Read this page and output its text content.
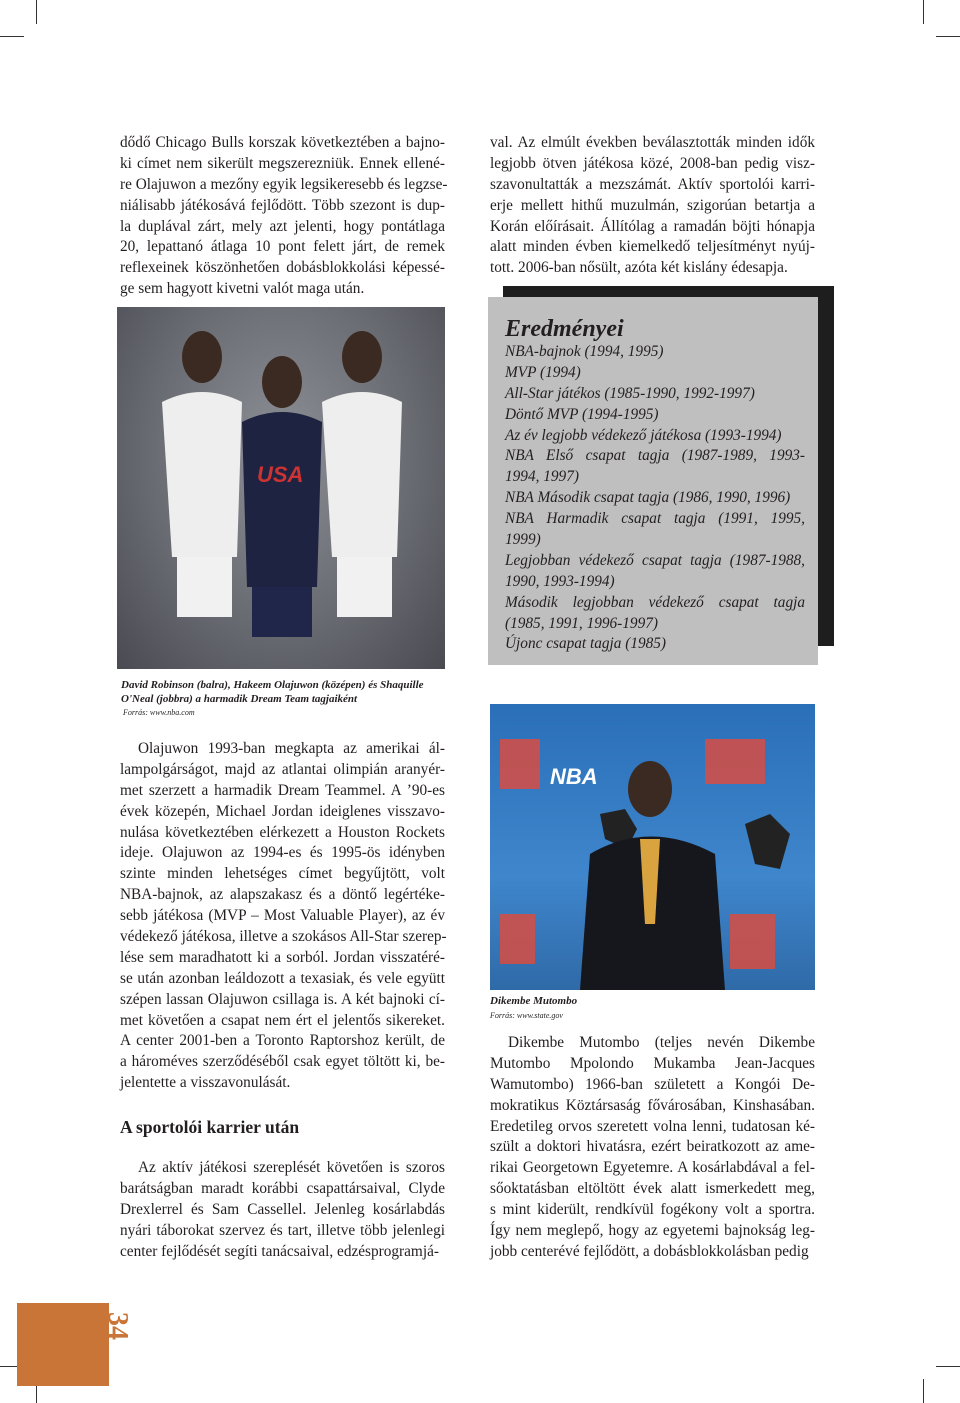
dődő Chicago Bulls korszak következtében a bajno-
ki címet nem sikerült megszerezniük. Ennek ellené-
re Olajuwon a mezőny egyik legsikeresebb és legzse-
niálisabb játékosává fejlődött. Több szezont is dup-
la duplával zárt, mely azt jelenti, hogy pontátlaga
20, lepattanó átlaga 10 pont felett járt, de remek
reflexeinek köszönhetően dobásblokkolási képessé-
ge sem hagyott kivetni valót maga után.
USA
David Robinson (balra), Hakeem Olajuwon (középen) és Shaquille O'Neal (jobbra) a harmadik Dream Team tagjaiként
Forrás: www.nba.com
Olajuwon 1993-ban megkapta az amerikai ál-
lampolgárságot, majd az atlantai olimpián aranyér-
met szerzett a harmadik Dream Teammel. A ’90-es
évek közepén, Michael Jordan ideiglenes visszavo-
nulása következtében elérkezett a Houston Rockets
ideje. Olajuwon az 1994-es és 1995-ös idényben
szinte minden lehetséges címet begyűjtött, volt
NBA-bajnok, az alapszakasz és a döntő legértéke-
sebb játékosa (MVP – Most Valuable Player), az év
védekező játékosa, illetve a szokásos All-Star szerep-
lése sem maradhatott ki a sorból. Jordan visszatéré-
se után azonban leáldozott a texasiak, és vele együtt
szépen lassan Olajuwon csillaga is. A két bajnoki cí-
met követően a csapat nem ért el jelentős sikereket.
A center 2001-ben a Toronto Raptorshoz került, de
a hároméves szerződéséből csak egyet töltött ki, be-
jelentette a visszavonulását.
A sportolói karrier után
Az aktív játékosi szereplését követően is szoros
barátságban maradt korábbi csapattársaival, Clyde
Drexlerrel és Sam Cassellel. Jelenleg kosárlabdás
nyári táborokat szervez és tart, illetve több jelenlegi
center fejlődését segíti tanácsaival, edzésprogramjá-
val. Az elmúlt években beválasztották minden idők
legjobb ötven játékosa közé, 2008-ban pedig visz-
szavonultatták a mezszámát. Aktív sportolói karri-
erje mellett hithű muzulmán, szigorúan betartja a
Korán előírásait. Állítólag a ramadán böjti hónapja
alatt minden évben kiemelkedő teljesítményt nyúj-
tott. 2006-ban nősült, azóta két kislány édesapja.
Eredményei
NBA-bajnok (1994, 1995)
MVP (1994)
All-Star játékos (1985-1990, 1992-1997)
Döntő MVP (1994-1995)
Az év legjobb védekező játékosa (1993-1994)
NBA Első csapat tagja (1987-1989, 1993-
1994, 1997)
NBA Második csapat tagja (1986, 1990, 1996)
NBA Harmadik csapat tagja (1991, 1995,
1999)
Legjobban védekező csapat tagja (1987-1988,
1990, 1993-1994)
Második legjobban védekező csapat tagja
(1985, 1991, 1996-1997)
Újonc csapat tagja (1985)
NBA
Dikembe Mutombo
Forrás: www.state.gov
Dikembe Mutombo (teljes nevén Dikembe
Mutombo Mpolondo Mukamba Jean-Jacques
Wamutombo) 1966-ban született a Kongói De-
mokratikus Köztársaság fővárosában, Kinshasában.
Eredetileg orvos szeretett volna lenni, tudatosan ké-
szült a doktori hivatásra, ezért beiratkozott az ame-
rikai Georgetown Egyetemre. A kosárlabdával a fel-
sőoktatásban eltöltött évek alatt ismerkedett meg,
s mint kiderült, rendkívül fogékony volt a sportra.
Így nem meglepő, hogy az egyetemi bajnokság leg-
jobb centerévé fejlődött, a dobásblokkolásban pedig
34
